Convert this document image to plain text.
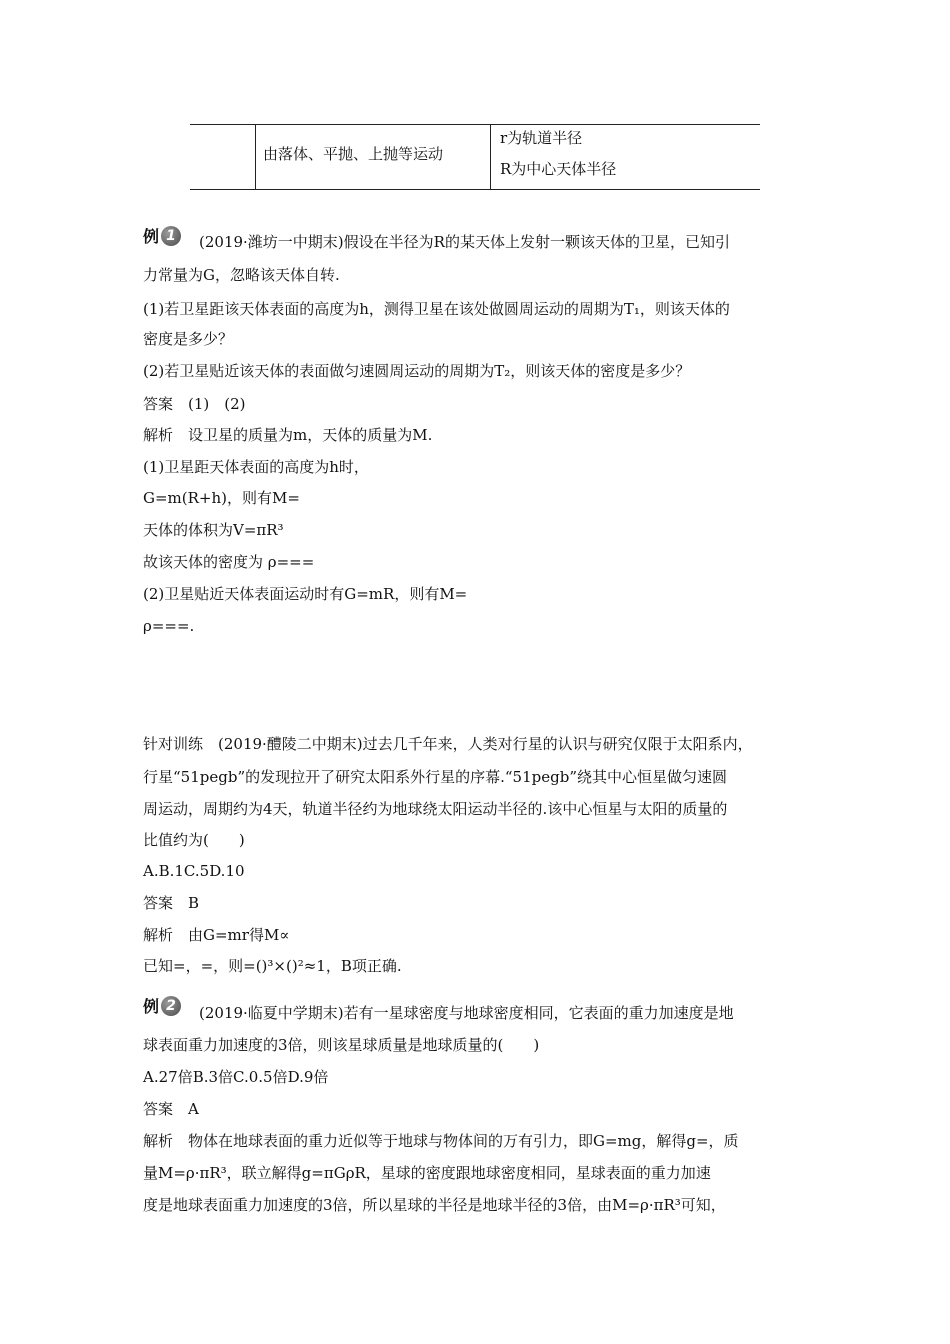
由落体、平抛、上抛等运动
r为轨道半径
R为中心天体半径
例 1	(2019·潍坊一中期末)假设在半径为R的某天体上发射一颗该天体的卫星，已知引
力常量为G，忽略该天体自转.
(1)若卫星距该天体表面的高度为h，测得卫星在该处做圆周运动的周期为T₁，则该天体的
密度是多少？
(2)若卫星贴近该天体的表面做匀速圆周运动的周期为T₂，则该天体的密度是多少？
答案　(1)　(2)
解析　设卫星的质量为m，天体的质量为M.
(1)卫星距天体表面的高度为h时，
G=m(R+h)，则有M=
天体的体积为V=πR³
故该天体的密度为 ρ===
(2)卫星贴近天体表面运动时有G=mR，则有M=
ρ===.
针对训练　(2019·醴陵二中期末)过去几千年来，人类对行星的认识与研究仅限于太阳系内，
行星“51pegb”的发现拉开了研究太阳系外行星的序幕.“51pegb”绕其中心恒星做匀速圆
周运动，周期约为4天，轨道半径约为地球绕太阳运动半径的.该中心恒星与太阳的质量的
比值约为(　　)
A.B.1C.5D.10
答案　B
解析　由G=mr得M∝
已知=，=，则=()³×()²≈1，B项正确.
例 2	(2019·临夏中学期末)若有一星球密度与地球密度相同，它表面的重力加速度是地
球表面重力加速度的3倍，则该星球质量是地球质量的(　　)
A.27倍B.3倍C.0.5倍D.9倍
答案　A
解析　物体在地球表面的重力近似等于地球与物体间的万有引力，即G=mg，解得g=，质
量M=ρ·πR³，联立解得g=πGρR，星球的密度跟地球密度相同，星球表面的重力加速
度是地球表面重力加速度的3倍，所以星球的半径是地球半径的3倍，由M=ρ·πR³可知，
